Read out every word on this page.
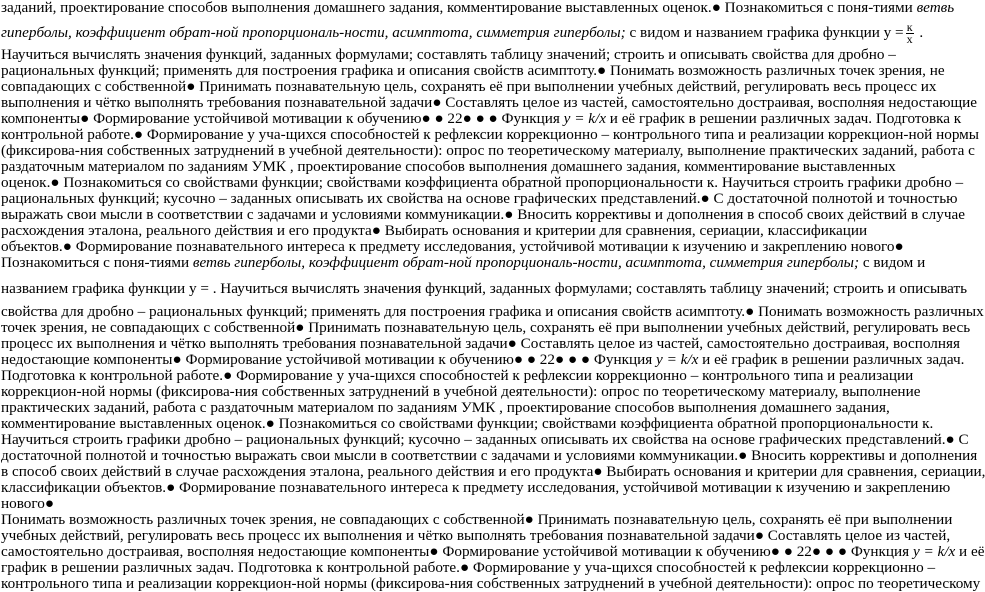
заданий, проектирование способов выполнения домашнего задания, комментирование выставленных оценок.● Познакомиться с поня-тиями ветвь
гиперболы, коэффициент обрат-ной пропорциональ-ности, асимптота, симметрия гиперболы; с видом и названием графика функции $y = \frac{к}{х}$ .
Научиться вычислять значения функций, заданных формулами; составлять таблицу значений; строить и описывать свойства для дробно –
рациональных функций; применять для построения графика и описания свойств асимптоту.● Понимать возможность различных точек зрения, не
совпадающих с собственной● Принимать познавательную цель, сохранять её при выполнении учебных действий, регулировать весь процесс их
выполнения и чётко выполнять требования познавательной задачи● Составлять целое из частей, самостоятельно достраивая, восполняя недостающие
компоненты● Формирование устойчивой мотивации к обучению● ● 22● ● ● Функция y = k/x и её график в решении различных задач. Подготовка к
контрольной работе.● Формирование у уча-щихся способностей к рефлексии коррекционно – контрольного типа и реализации коррекцион-ной нормы
(фиксирова-ния собственных затруднений в учебной деятельности): опрос по теоретическому материалу, выполнение практических заданий, работа с
раздаточным материалом по заданиям УМК , проектирование способов выполнения домашнего задания, комментирование выставленных
оценок.● Познакомиться со свойствами функции; свойствами коэффициента обратной пропорциональности к. Научиться строить графики дробно –
рациональных функций; кусочно – заданных описывать их свойства на основе графических представлений.● С достаточной полнотой и точностью
выражать свои мысли в соответствии с задачами и условиями коммуникации.● Вносить коррективы и дополнения в способ своих действий в случае
расхождения эталона, реального действия и его продукта● Выбирать основания и критерии для сравнения, сериации, классификации
объектов.● Формирование познавательного интереса к предмету исследования, устойчивой мотивации к изучению и закреплению нового●
Познакомиться с поня-тиями ветвь гиперболы, коэффициент обрат-ной пропорциональ-ности, асимптота, симметрия гиперболы; с видом и
названием графика функции y = . Научиться вычислять значения функций, заданных формулами; составлять таблицу значений; строить и описывать
свойства для дробно – рациональных функций; применять для построения графика и описания свойств асимптоту.● Понимать возможность различных
точек зрения, не совпадающих с собственной● Принимать познавательную цель, сохранять её при выполнении учебных действий, регулировать весь
процесс их выполнения и чётко выполнять требования познавательной задачи● Составлять целое из частей, самостоятельно достраивая, восполняя
недостающие компоненты● Формирование устойчивой мотивации к обучению● ● 22● ● ● Функция y = k/x и её график в решении различных задач.
Подготовка к контрольной работе.● Формирование у уча-щихся способностей к рефлексии коррекционно – контрольного типа и реализации
коррекцион-ной нормы (фиксирова-ния собственных затруднений в учебной деятельности): опрос по теоретическому материалу, выполнение
практических заданий, работа с раздаточным материалом по заданиям УМК , проектирование способов выполнения домашнего задания,
комментирование выставленных оценок.● Познакомиться со свойствами функции; свойствами коэффициента обратной пропорциональности к.
Научиться строить графики дробно – рациональных функций; кусочно – заданных описывать их свойства на основе графических представлений.● С
достаточной полнотой и точностью выражать свои мысли в соответствии с задачами и условиями коммуникации.● Вносить коррективы и дополнения
в способ своих действий в случае расхождения эталона, реального действия и его продукта● Выбирать основания и критерии для сравнения, сериации,
классификации объектов.● Формирование познавательного интереса к предмету исследования, устойчивой мотивации к изучению и закреплению
нового●
Понимать возможность различных точек зрения, не совпадающих с собственной● Принимать познавательную цель, сохранять её при выполнении
учебных действий, регулировать весь процесс их выполнения и чётко выполнять требования познавательной задачи● Составлять целое из частей,
самостоятельно достраивая, восполняя недостающие компоненты● Формирование устойчивой мотивации к обучению● ● 22● ● ● Функция y = k/x и её
график в решении различных задач. Подготовка к контрольной работе.● Формирование у уча-щихся способностей к рефлексии коррекционно –
контрольного типа и реализации коррекцион-ной нормы (фиксирова-ния собственных затруднений в учебной деятельности): опрос по теоретическому
